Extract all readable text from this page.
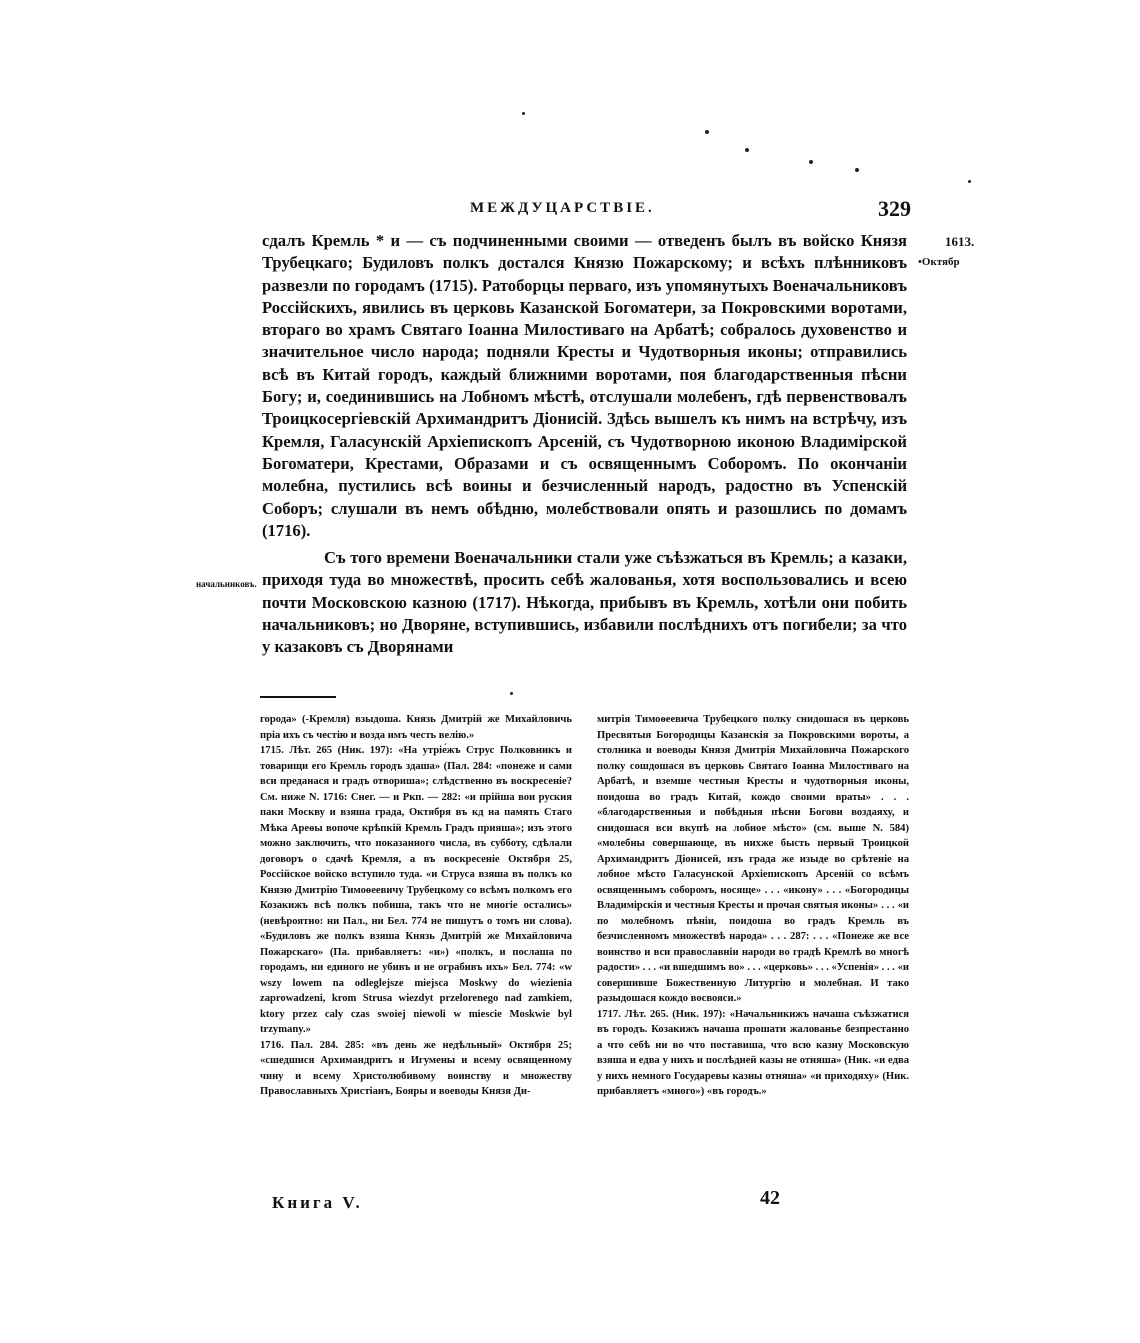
МЕЖДУЦАРСТВІЕ.	329
1613.
•Октябр
начальниковъ.

сдалъ Кремль * и — съ подчиненными своими — отведенъ былъ въ войско Князя Трубецкаго; Будиловъ полкъ достался Князю Пожарскому; и всѣхъ плѣнниковъ развезли по городамъ (1715). Ратоборцы перваго, изъ упомянутыхъ Военачальниковъ Россійскихъ, явились въ церковь Казанской Богоматери, за Покровскими воротами, вторагo во храмъ Святаго Іоанна Милостиваго на Арбатѣ; собралось духовенство и значительное число народа; подняли Кресты и Чудотворныя иконы; отправились всѣ въ Китай городъ, каждый ближними воротами, поя благодарственныя пѣсни Богу; и, соединившись на Лобномъ мѣстѣ, отслушали молебенъ, гдѣ первенствовалъ Троицкосергіевскій Архимандритъ Діонисій. Здѣсь вышелъ къ нимъ на встрѣчу, изъ Кремля, Галасунскій Архіепископъ Арсеній, съ Чудотворною иконою Владимірской Богоматери, Крестами, Образами и съ освященнымъ Соборомъ. По окончаніи молебна, пустились всѣ воины и безчисленный народъ, радостно въ Успенскій Соборъ; слушали въ немъ обѣдню, молебствовали опять и разошлись по домамъ (1716).

Съ того времени Военачальники стали уже съѣзжаться въ Кремль; а казаки, приходя туда во множествѣ, просить себѣ жалованья, хотя воспользовались и всею почти Московскою казною (1717). Нѣкогда, прибывъ въ Кремль, хотѣли они побить начальниковъ; но Дворяне, вступившись, избавили послѣднихъ отъ погибели; за что у казаковъ съ Дворянами

города» (-Кремля) взыдоша. Князь Дмитрій же Михайловичь пріа ихъ съ честію и возда имъ честь велію.»

1715. Лѣт. 265 (Ник. 197): «На утріе́жъ Струс Полковникъ и товарищи его Кремль городъ здаша» (Пал. 284: «понеже и сами вси преданася и градъ отвориша»; слѣдственно въ воскресеніе? См. ниже N. 1716: Снег. — и Ркп. — 282: «и прійша вои руския паки Москву и взяша града, Октября въ кд на память Стаго Мѣка Ареѳы вопоче крѣпкій Кремль Градъ прияша»; изъ этого можно заключить, что показанного числа, въ субботу, сдѣлали договоръ о сдачѣ Кремля, а въ воскресеніе Октября 25, Россійское войско вступило туда. «и Струса взяша въ полкъ ко Князю Дмитрію Тимоѳеевичу Трубецкому со всѣмъ полкомъ его Козакижъ всѣ полкъ побиша, такъ что не многіе остались» (невѣроятно: ни Пал., ни Бел. 774 не пишутъ о томъ ни слова). «Будиловъ же полкъ взяша Князь Дмитрій же Михайловича Пожарскаго» (Па. прибавляетъ: «и») «полкъ, и послаша по городамъ, ни единого не убивъ и не ограбивъ ихъ» Бел. 774: «w wszy lowem na odleglejsze miejsca Moskwy do wiezienia zaprowadzeni, krom Strusa wiezdyt przelorenego nad zamkiem, ktory przez caly czas swoiej niewoli w miescie Moskwie byl trzymany.»

1716. Пал. 284. 285: «въ день же недѣльный» Октября 25; «сшедшися Архимандритъ и Игумены и всему освященному чину и всему Христолюбивому воинству и множеству Православныхъ Христіанъ, Бояры и воеводы Князя Ди-

митрія Тимоѳеевича Трубецкого полку снидошася въ церковь Пресвятыя Богородицы Казанскія за Покровскими вороты, а столника и воеводы Князя Дмитрія Михайловича Пожарского полку сошдошася въ церковь Святаго Іоанна Милостиваго на Арбатѣ, и вземше честныя Кресты и чудотворныя иконы, поидоша во градъ Китай, кождо своими враты» . . . «благодарственныя и побѣдныя пѣсни Богови воздаяху, и снидошася вси вкупѣ на лобное мѣсто» (см. выше N. 584) «молебны совершающе, въ нихже бысть первый Троицкой Архимандритъ Діонисей, изъ града же изыде во срѣтеніе на лобное мѣсто Галасунской Архіепископъ Арсеній со всѣмъ освященнымъ соборомъ, носяще» . . . «икону» . . . «Богородицы Владимірскія и честныя Кресты и прочая святыя иконы» . . . «и по молебномъ пѣніи, поидоша во градъ Кремль въ безчисленномъ множествѣ народа» . . . 287: . . . «Понеже же все воинство и вси православніи народи во градѣ Кремлѣ во многѣ радости» . . . «и вшедшимъ во» . . . «церковь» . . . «Успенія» . . . «и совершивше Божественную Литургію и молебная. И тако разыдошася кождо восвояси.»

1717. Лѣт. 265. (Ник. 197): «Начальникижъ начаша съѣзжатися въ городъ. Козакижъ начаша прошати жалованье безпрестанно а что себѣ ни во что поставиша, что всю казну Московскую взяша и едва у нихъ и послѣдней казы не отняша» (Ник. «и едва у нихъ немного Государевы казны отняша» «и приходяху» (Ник. прибавляетъ «много») «въ городъ.»

Книга V.	42
